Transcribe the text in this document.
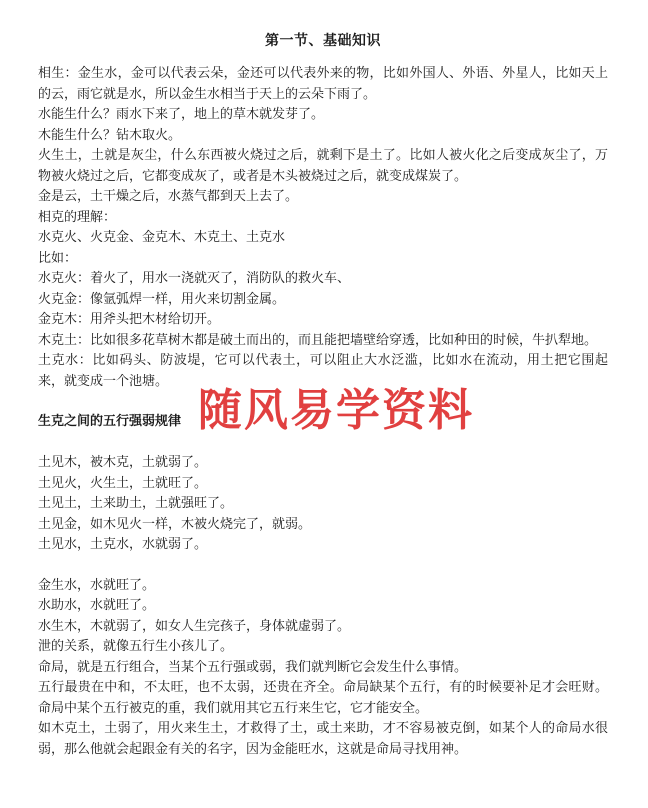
第一节、基础知识

相生：金生水，金可以代表云朵，金还可以代表外来的物，比如外国人、外语、外星人，比如天上的云，雨它就是水，所以金生水相当于天上的云朵下雨了。

水能生什么？雨水下来了，地上的草木就发芽了。

木能生什么？钻木取火。

火生土，土就是灰尘，什么东西被火烧过之后，就剩下是土了。比如人被火化之后变成灰尘了，万物被火烧过之后，它都变成灰了，或者是木头被烧过之后，就变成煤炭了。

金是云，土干燥之后，水蒸气都到天上去了。

相克的理解：

水克火、火克金、金克木、木克土、土克水

比如：

水克火：着火了，用水一浇就灭了，消防队的救火车、

火克金：像氩弧焊一样，用火来切割金属。

金克木：用斧头把木材给切开。

木克土：比如很多花草树木都是破土而出的，而且能把墙壁给穿透，比如种田的时候，牛扒犁地。

土克水：比如码头、防波堤，它可以代表土，可以阻止大水泛滥，比如水在流动，用土把它围起来，就变成一个池塘。

生克之间的五行强弱规律

土见木，被木克，土就弱了。

土见火，火生土，土就旺了。

土见土，土来助土，土就强旺了。

土见金，如木见火一样，木被火烧完了，就弱。

土见水，土克水，水就弱了。

金生水，水就旺了。

水助水，水就旺了。

水生木，木就弱了，如女人生完孩子，身体就虚弱了。

泄的关系，就像五行生小孩儿了。

命局，就是五行组合，当某个五行强或弱，我们就判断它会发生什么事情。

五行最贵在中和，不太旺，也不太弱，还贵在齐全。命局缺某个五行，有的时候要补足才会旺财。命局中某个五行被克的重，我们就用其它五行来生它，它才能安全。

如木克土，土弱了，用火来生土，才救得了土，或土来助，才不容易被克倒，如某个人的命局水很弱，那么他就会起跟金有关的名字，因为金能旺水，这就是命局寻找用神。

随风易学资料
